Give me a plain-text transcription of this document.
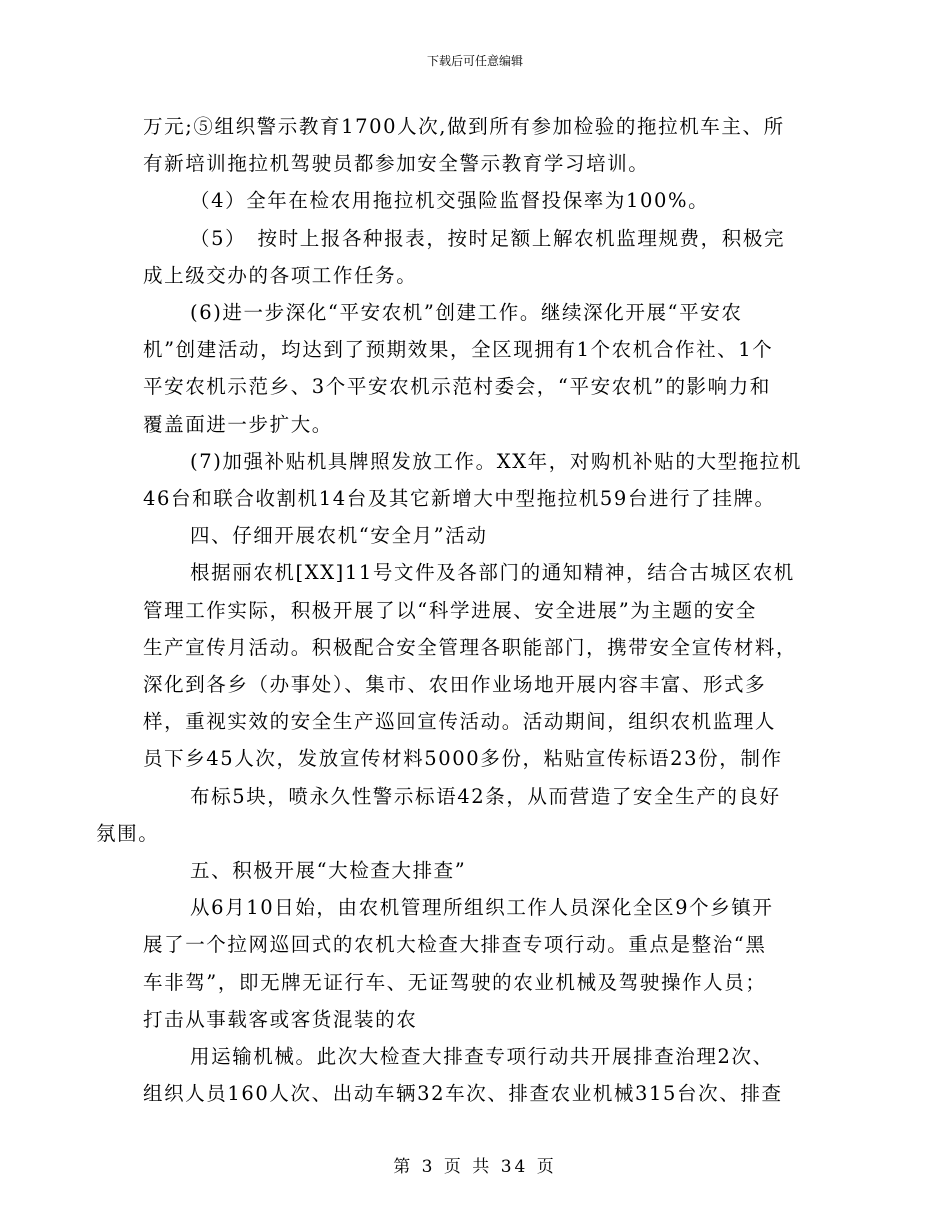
下载后可任意编辑

万元;⑤组织警示教育1700人次,做到所有参加检验的拖拉机车主、所
有新培训拖拉机驾驶员都参加安全警示教育学习培训。

（4）全年在检农用拖拉机交强险监督投保率为100%。

（5）　按时上报各种报表，按时足额上解农机监理规费，积极完
成上级交办的各项工作任务。

(6)进一步深化“平安农机”创建工作。继续深化开展“平安农
机”创建活动，均达到了预期效果，全区现拥有1个农机合作社、1个
平安农机示范乡、3个平安农机示范村委会，“平安农机”的影响力和
覆盖面进一步扩大。

(7)加强补贴机具牌照发放工作。XX年，对购机补贴的大型拖拉机
46台和联合收割机14台及其它新增大中型拖拉机59台进行了挂牌。

四、仔细开展农机“安全月”活动

根据丽农机[XX]11号文件及各部门的通知精神，结合古城区农机
管理工作实际，积极开展了以“科学进展、安全进展”为主题的安全
生产宣传月活动。积极配合安全管理各职能部门，携带安全宣传材料，
深化到各乡（办事处）、集市、农田作业场地开展内容丰富、形式多
样，重视实效的安全生产巡回宣传活动。活动期间，组织农机监理人
员下乡45人次，发放宣传材料5000多份，粘贴宣传标语23份，制作

布标5块，喷永久性警示标语42条，从而营造了安全生产的良好
氛围。

五、积极开展“大检查大排查”

从6月10日始，由农机管理所组织工作人员深化全区9个乡镇开
展了一个拉网巡回式的农机大检查大排查专项行动。重点是整治“黑
车非驾”，即无牌无证行车、无证驾驶的农业机械及驾驶操作人员；
打击从事载客或客货混装的农

用运输机械。此次大检查大排查专项行动共开展排查治理2次、
组织人员160人次、出动车辆32车次、排查农业机械315台次、排查

第 3 页 共 34 页
